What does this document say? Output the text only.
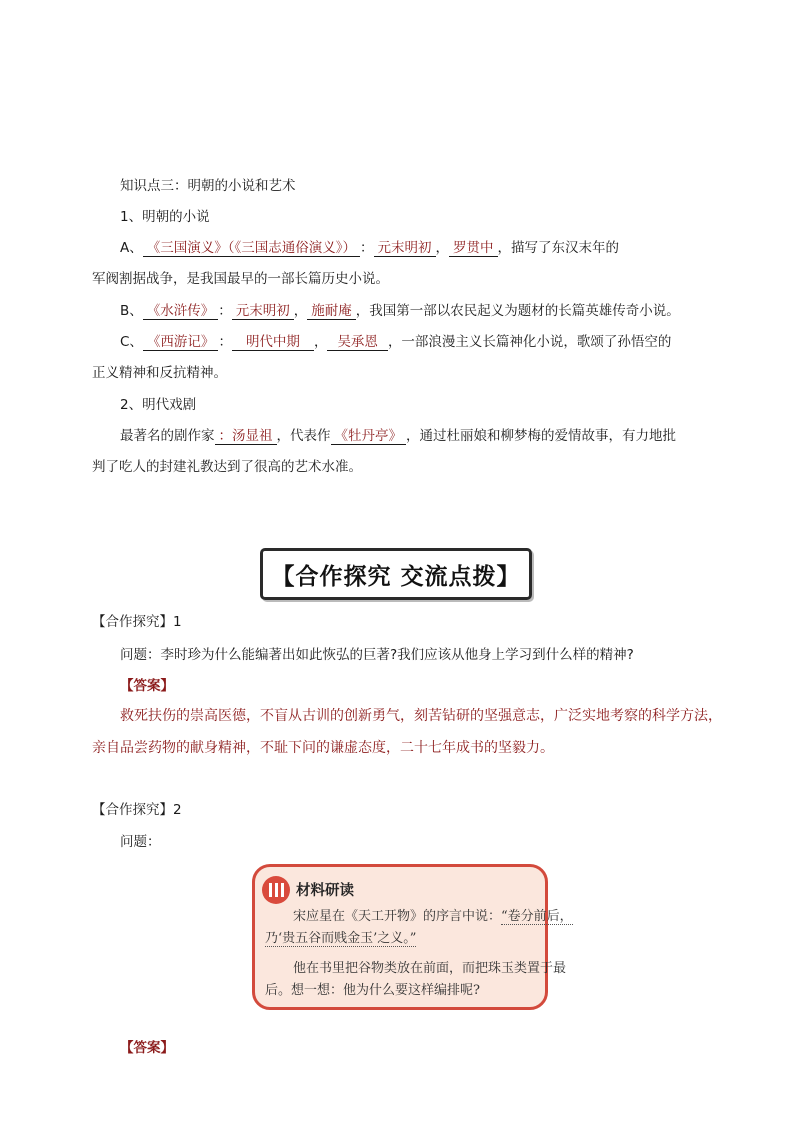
知识点三：明朝的小说和艺术
1、明朝的小说
A、 《三国演义》（《三国志通俗演义》） ： 元末明初 ， 罗贯中 ，描写了东汉末年的
军阀割据战争，是我国最早的一部长篇历史小说。
B、 《水浒传》 ： 元末明初 ， 施耐庵 ，我国第一部以农民起义为题材的长篇英雄传奇小说。
C、 《西游记》 ： 明代中期 ， 吴承恩 ，一部浪漫主义长篇神化小说，歌颂了孙悟空的
正义精神和反抗精神。
2、明代戏剧
最著名的剧作家 ：汤显祖 ，代表作 《牡丹亭》 ，通过杜丽娘和柳梦梅的爱情故事，有力地批
判了吃人的封建礼教达到了很高的艺术水准。
【合作探究 交流点拨】
【合作探究】1
问题：李时珍为什么能编著出如此恢弘的巨著?我们应该从他身上学习到什么样的精神?
【答案】
救死扶伤的崇高医德，不盲从古训的创新勇气，刻苦钻研的坚强意志，广泛实地考察的科学方法，
亲自品尝药物的献身精神，不耻下问的谦虚态度，二十七年成书的坚毅力。
【合作探究】2
问题：
材料研读
宋应星在《天工开物》的序言中说：“卷分前后，
乃‘贵五谷而贱金玉’之义。”
他在书里把谷物类放在前面，而把珠玉类置于最
后。想一想：他为什么要这样编排呢?
【答案】
